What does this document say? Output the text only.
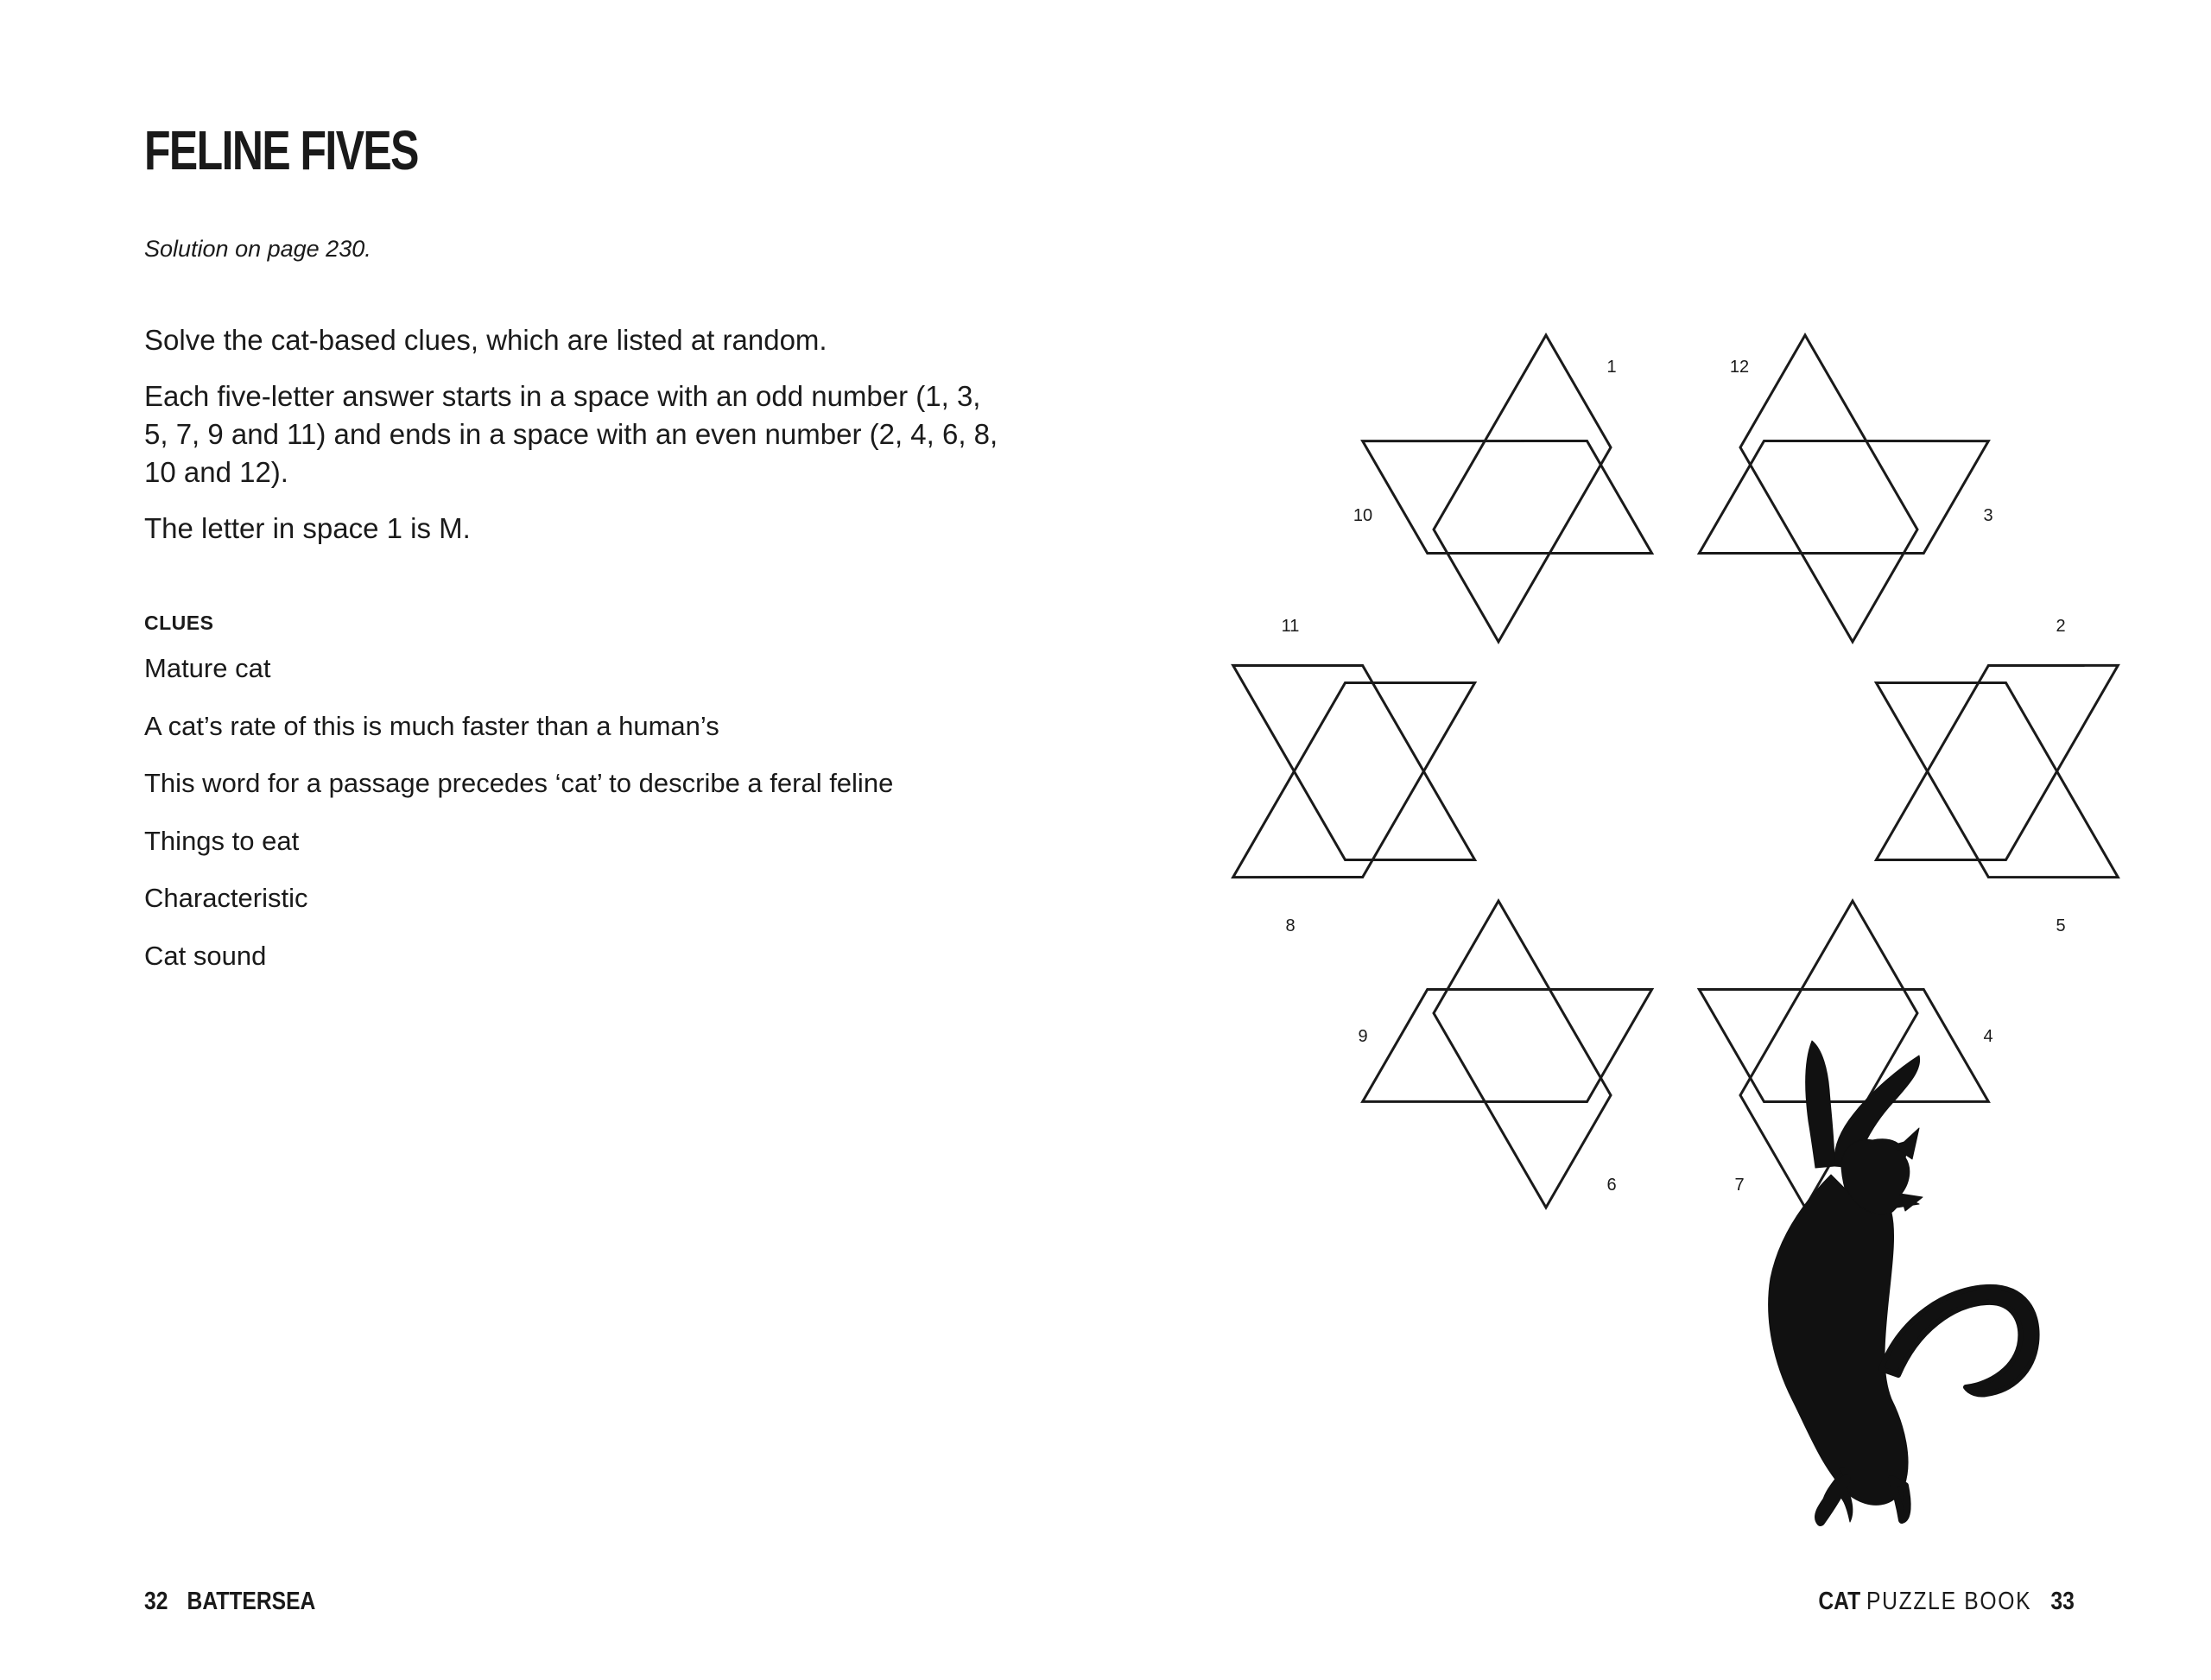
FELINE FIVES
Solution on page 230.

Solve the cat-based clues, which are listed at random.

Each five-letter answer starts in a space with an odd number (1, 3, 5, 7, 9 and 11) and ends in a space with an even number (2, 4, 6, 8, 10 and 12).

The letter in space 1 is M.

CLUES
Mature cat
A cat’s rate of this is much faster than a human’s
This word for a passage precedes ‘cat’ to describe a feral feline
Things to eat
Characteristic
Cat sound
1	12
10	3
11	2
8	5
9	4
6	7
32 BATTERSEA	CAT PUZZLE BOOK 33
